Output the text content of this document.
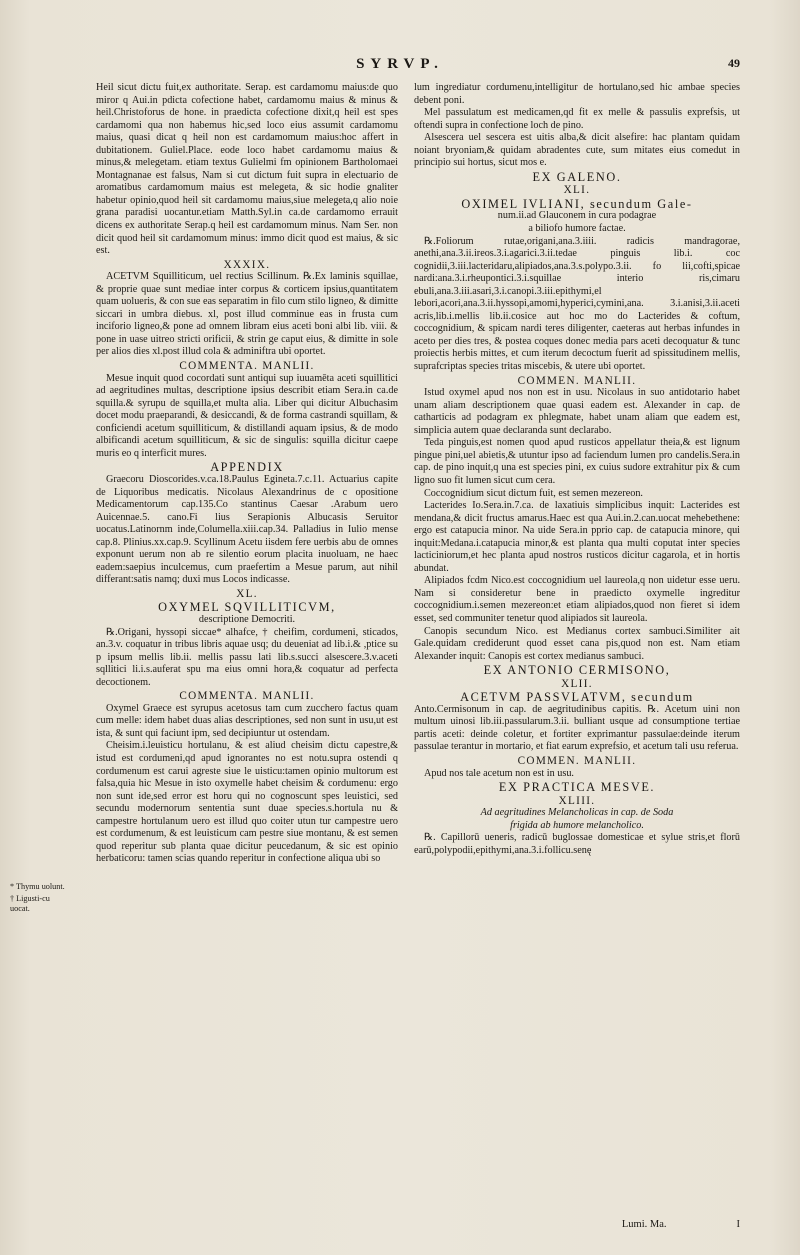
SYRVP.	49

Heil sicut dictu fuit,ex authoritate. Serap. est cardamomu maius:de quo miror q Aui.in pdicta cofectione habet, cardamomu maius & minus & heil.Christoforus de hone. in praedicta cofectione dixit,q heil est spes cardamomi qua non habemus hic,sed loco eius assumit cardamomu maius, quasi dicat q heil non est cardamomum maius:hoc affert in dubitationem. Guliel.Place. eode loco habet cardamomu maius & minus,& melegetam. etiam textus Gulielmi fm opinionem Bartholomaei Montagnanae est falsus, Nam si cut dictum fuit supra in electuario de aromatibus cardamomum maius est melegeta, & sic hodie gnaliter habetur opinio,quod heil sit cardamomu maius,siue melegeta,q alio noie grana paradisi uocantur.etiam Matth.Syl.in ca.de cardamomo errauit dicens ex authoritate Serap.q heil est cardamomum minus. Nam Ser. non dicit quod heil sit cardamomum minus: immo dicit quod est maius, & sic est.

XXXIX.

ACETVM Squilliticum, uel rectius Scillinum. ℞.Ex laminis squillae, & proprie quae sunt mediae inter corpus & corticem ipsius,quantitatem quam uolueris, & con sue eas separatim in filo cum stilo ligneo, & dimitte siccari in umbra diebus. xl, post illud comminue eas in frusta cum inciforio ligneo,& pone ad omnem libram eius aceti boni albi lib. viii. & pone in uase uitreo stricti orificii, & strin ge caput eius, & dimitte in sole per alios dies xl.post illud cola & adminiftra ubi oportet.

COMMENTA. MANLII.

Mesue inquit quod cocordati sunt antiqui sup iuuamēta aceti squillitici ad aegritudines multas, descriptione ipsius describit etiam Sera.in ca.de squilla.& syrupu de squilla,et multa alia. Liber qui dicitur Albuchasim docet modu praeparandi, & desiccandi, & de forma castrandi squillam, & conficiendi acetum squilliticum, & distillandi aquam ipsius, & de modo albificandi acetum squilliticum, & sic de singulis: squilla dicitur caepe muris eo q interficit mures.

APPENDIX

Graecoru Dioscorides.v.ca.18.Paulus Egineta.7.c.11. Actuarius capite de Liquoribus medicatis. Nicolaus Alexandrinus de c opositione Medicamentorum cap.135.Co stantinus Caesar .Arabum uero Auicennae.5. cano.Fi lius Serapionis Albucasis Seruitor uocatus.Latinornm inde,Columella.xiii.cap.34. Palladius in Iulio mense cap.8. Plinius.xx.cap.9. Scyllinum Acetu iisdem fere uerbis abu de omnes exponunt uerum non ab re silentio eorum placita inuoluam, ne haec eadem:saepius inculcemus, cum praefertim a Mesue parum, aut nihil differant:satis namq; duxi mus Locos indicasse.

XL.
OXYMEL SQVILLITICVM,
descriptione Democriti.

℞.Origani, hyssopi siccae* alhafce, † cheifim, cordumeni, sticados, an.3.v. coquatur in tribus libris aquae usq; du deueniat ad lib.i.& ,ptice su p ipsum mellis lib.ii. mellis passu lati lib.s.succi alsescere.3.v.aceti sqllitici li.i.s.auferat spu ma eius omni hora,& coquatur ad perfecta decoctionem.

COMMENTA. MANLII.

Oxymel Graece est syrupus acetosus tam cum zucchero factus quam cum melle: idem habet duas alias descriptiones, sed non sunt in usu,ut est ista, & sunt qui faciunt ipm, sed decipiuntur ut ostendam.

Cheisim.i.leuisticu hortulanu, & est aliud cheisim dictu capestre,& istud est cordumeni,qd apud ignorantes no est notu.supra ostendi q cordumenum est carui agreste siue le uisticu:tamen opinio multorum est falsa,quia hic Mesue in isto oxymelle habet cheisim & cordumenu: ergo non sunt ide,sed error est horu qui no cognoscunt spes leuistici, sed secundu modernorum sententia sunt duae species.s.hortula nu & campestre hortulanum uero est illud quo coiter utun tur campestre uero est cordumenum, & est leuisticum cam pestre siue montanu, & est semen quod reperitur sub planta quae dicitur peucedanum, & sic est opinio herbaticoru: tamen scias quando reperitur in confectione aliqua ubi so

* Thymu uolunt.
† Ligusti-cu uocat.

lum ingrediatur cordumenu,intelligitur de hortulano,sed hic ambae species debent poni.

Mel passulatum est medicamen,qd fit ex melle & passulis exprefsis, ut oftendi supra in confectione loch de pino.

Alsescera uel sescera est uitis alba,& dicit alsefire: hac plantam quidam noiant bryoniam,& quidam abradentes cute, sum mitates eius comedut in principio sui hortus, sicut mos e.

EX GALENO.
XLI.
OXIMEL IVLIANI, secundum Gale-
num.ii.ad Glauconem in cura podagrae
a biliofo humore factae.

℞.Foliorum rutae,origani,ana.3.iiii. radicis mandragorae, anethi,ana.3.ii.ireos.3.i.agarici.3.ii.tedae pinguis lib.i. coc cognidii,3.iii.lacteridaru,alipiados,ana.3.s.polypo.3.ii. fo lii,cofti,spicae nardi:ana.3.i.rheupontici.3.i.squillae interio ris,cimaru ebuli,ana.3.iii.asari,3.i.canopi.3.iii.epithymi,el lebori,acori,ana.3.ii.hyssopi,amomi,hyperici,cymini,ana. 3.i.anisi,3.ii.aceti acris,lib.i.mellis lib.ii.cosice aut hoc mo do Lacterides & coftum, coccognidium, & spicam nardi teres diligenter, caeteras aut herbas infundes in aceto per dies tres, & postea coques donec media pars aceti decoquatur & tunc proiectis herbis mittes, et cum iterum decoctum fuerit ad spissitudinem mellis, suprafcriptas species tritas miscebis, & utere ubi oportet.

COMMEN. MANLII.

Istud oxymel apud nos non est in usu. Nicolaus in suo antidotario habet unam aliam descriptionem quae quasi eadem est. Alexander in cap. de catharticis ad podagram ex phlegmate, habet unam aliam que eadem est, simplicia autem quae declaranda sunt declarabo.

Teda pinguis,est nomen quod apud rusticos appellatur theia,& est lignum pingue pini,uel abietis,& utuntur ipso ad faciendum lumen pro candelis.Sera.in cap. de pino inquit,q una est species pini, ex cuius sudore extrahitur pix & cum ligno suo fit lumen sicut cum cera.

Coccognidium sicut dictum fuit, est semen mezereon.

Lacterides Io.Sera.in.7.ca. de laxatiuis simplicibus inquit: Lacterides est mendana,& dicit fructus amarus.Haec est qua Aui.in.2.can.uocat mehebethene: ergo est catapucia minor. Na uide Sera.in pprio cap. de catapucia minore, qui inquit:Medana.i.catapucia minor,& est planta qua multi coputat inter species lacticiniorum,et hec planta apud nostros rusticos dicitur cagarola, et in hortis abundat.

Alipiados fcdm Nico.est coccognidium uel laureola,q non uidetur esse ueru. Nam si consideretur bene in praedicto oxymelle ingreditur coccognidium.i.semen mezereon:et etiam alipiados,quod non fieret si idem esset, sed communiter tenetur quod alipiados sit laureola.

Canopis secundum Nico. est Medianus cortex sambuci.Similiter ait Gale.quidam crediderunt quod esset cana pis,quod non est. Nam etiam Alexander inquit: Canopis est cortex medianus sambuci.

EX ANTONIO CERMISONO,
XLII.
ACETVM PASSVLATVM, secundum

Anto.Cermisonum in cap. de aegritudinibus capitis. ℞. Acetum uini non multum uinosi lib.iii.passularum.3.ii. bulliant usque ad consumptione tertiae partis aceti: deinde coletur, et fortiter exprimantur passulae:deinde iterum passulae terantur in mortario, et fiat earum exprefsio, et acetum tali usu referua.

COMMEN. MANLII.

Apud nos tale acetum non est in usu.

EX PRACTICA MESVE.
XLIII.
Ad aegritudines Melancholicas in cap. de Soda
frigida ab humore melancholico.

℞. Capillorū ueneris, radicū buglossae domesticae et sylue stris,et florū earū,polypodii,epithymi,ana.3.i.follicu.senę

Lumi. Ma.	I
